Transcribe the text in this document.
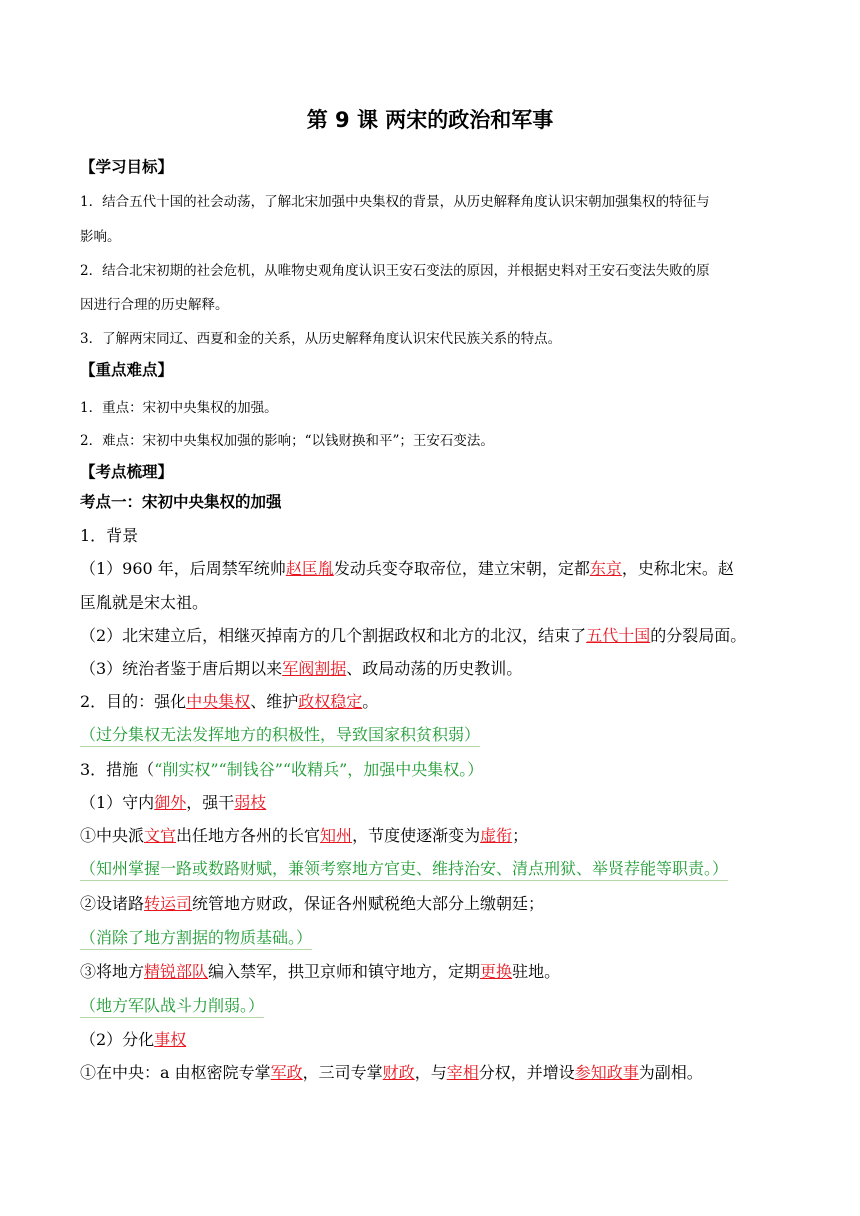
第 9 课 两宋的政治和军事
【学习目标】
1．结合五代十国的社会动荡，了解北宋加强中央集权的背景，从历史解释角度认识宋朝加强集权的特征与
影响。
2．结合北宋初期的社会危机，从唯物史观角度认识王安石变法的原因，并根据史料对王安石变法失败的原
因进行合理的历史解释。
3．了解两宋同辽、西夏和金的关系，从历史解释角度认识宋代民族关系的特点。
【重点难点】
1．重点：宋初中央集权的加强。
2．难点：宋初中央集权加强的影响；“以钱财换和平”；王安石变法。
【考点梳理】
考点一：宋初中央集权的加强
1．背景
（1）960 年，后周禁军统帅赵匡胤发动兵变夺取帝位，建立宋朝，定都东京，史称北宋。赵
匡胤就是宋太祖。
（2）北宋建立后，相继灭掉南方的几个割据政权和北方的北汉，结束了五代十国的分裂局面。
（3）统治者鉴于唐后期以来军阀割据、政局动荡的历史教训。
2．目的：强化中央集权、维护政权稳定。
（过分集权无法发挥地方的积极性，导致国家积贫积弱）
3．措施（“削实权”“制钱谷”“收精兵”，加强中央集权。）
（1）守内御外，强干弱枝
①中央派文官出任地方各州的长官知州，节度使逐渐变为虚衔；
（知州掌握一路或数路财赋，兼领考察地方官吏、维持治安、清点刑狱、举贤荐能等职责。）
②设诸路转运司统管地方财政，保证各州赋税绝大部分上缴朝廷；
（消除了地方割据的物质基础。）
③将地方精锐部队编入禁军，拱卫京师和镇守地方，定期更换驻地。
（地方军队战斗力削弱。）
（2）分化事权
①在中央：a 由枢密院专掌军政，三司专掌财政，与宰相分权，并增设参知政事为副相。
